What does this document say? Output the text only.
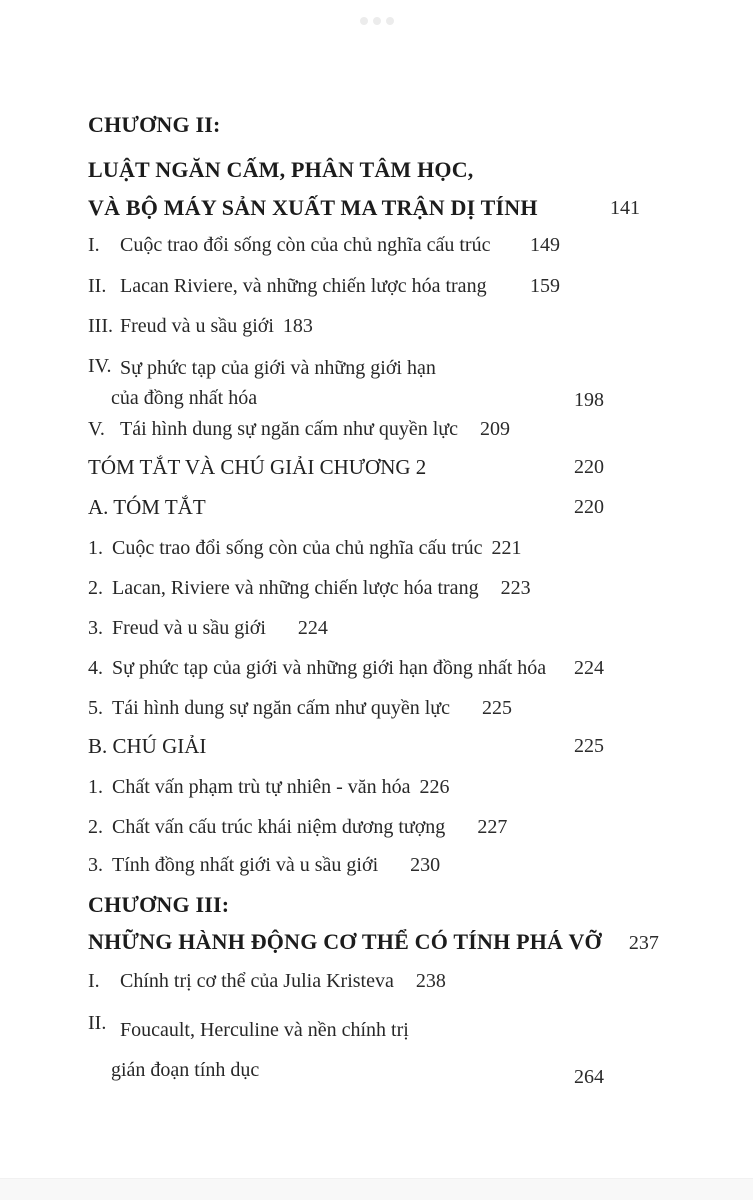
CHƯƠNG II:
LUẬT NGĂN CẤM, PHÂN TÂM HỌC,
VÀ BỘ MÁY SẢN XUẤT MA TRẬN DỊ TÍNH	141
I.	Cuộc trao đổi sống còn của chủ nghĩa cấu trúc 149
II. Lacan Riviere, và những chiến lược hóa trang 159
III. Freud và u sầu giới 183
IV. Sự phức tạp của giới và những giới hạn
của đồng nhất hóa	198
V. Tái hình dung sự ngăn cấm như quyền lực 209
TÓM TẮT VÀ CHÚ GIẢI CHƯƠNG 2	220
A. TÓM TẮT	220
1. Cuộc trao đổi sống còn của chủ nghĩa cấu trúc 221
2. Lacan, Riviere và những chiến lược hóa trang 223
3. Freud và u sầu giới 224
4. Sự phức tạp của giới và những giới hạn đồng nhất hóa 224
5. Tái hình dung sự ngăn cấm như quyền lực 225
B. CHÚ GIẢI	225
1. Chất vấn phạm trù tự nhiên - văn hóa 226
2. Chất vấn cấu trúc khái niệm dương tượng 227
3. Tính đồng nhất giới và u sầu giới 230
CHƯƠNG III:
NHỮNG HÀNH ĐỘNG CƠ THỂ CÓ TÍNH PHÁ VỠ 237
I.	Chính trị cơ thể của Julia Kristeva 238
II. Foucault, Herculine và nền chính trị
gián đoạn tính dục	264
